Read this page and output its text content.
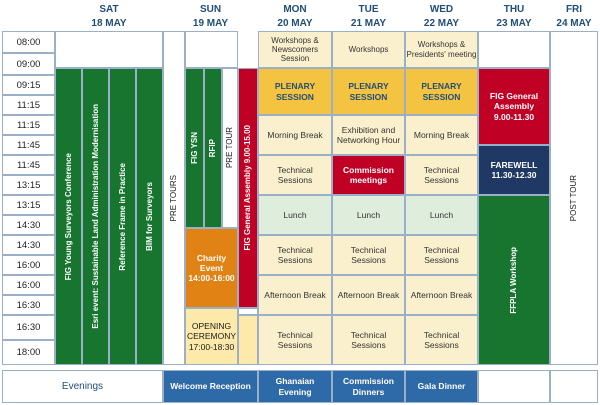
SAT
18 MAY
SUN
19 MAY
MON
20 MAY
TUE
21 MAY
WED
22 MAY
THU
23 MAY
FRI
24 MAY
08:00
09:00
09:15
11:15
11:15
11:45
11:45
13:15
13:15
14:30
14:30
16:00
16:00
16:30
16:30
18:00
FIG Young Surveyors Conference Esri event: Sustainable Land Administration Modernisation Reference Frame in Practice BIM for Surveyors PRE TOURS
FIG YSN RFIP PRE TOUR FIG General Assembly 9.00-15.00
Charity Event
14:00-16:00
OPENING CEREMONY
17:00-18:30
Workshops & Newscomers Session
PLENARY SESSION
Morning Break
Technical Sessions
Lunch
Technical Sessions
Afternoon Break
Technical Sessions
Workshops
PLENARY SESSION
Exhibition and Networking Hour
Commission meetings
Lunch
Technical Sessions
Afternoon Break
Technical Sessions
Workshops & Presidents' meeting
PLENARY SESSION
Morning Break
Technical Sessions
Lunch
Technical Sessions
Afternoon Break
Technical Sessions
FIG General Assembly
9.00-11.30
FAREWELL
11.30-12.30
FFPLA Workshop
POST TOUR
Evenings	Welcome Reception
Ghanaian Evening
Commission Dinners
Gala Dinner
